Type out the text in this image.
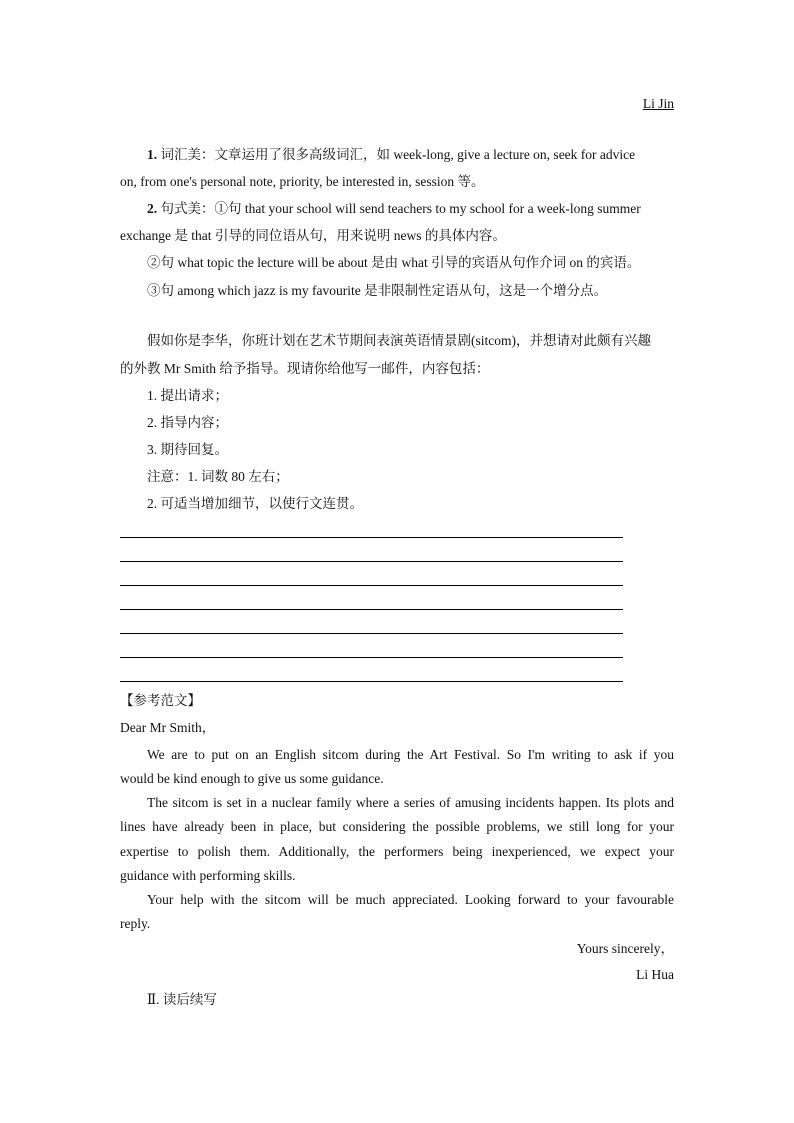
Li Jin
1. 词汇美：文章运用了很多高级词汇，如 week-long, give a lecture on, seek for advice
on, from one's personal note, priority, be interested in, session 等。
2. 句式美：①句 that your school will send teachers to my school for a week-long summer
exchange 是 that 引导的同位语从句，用来说明 news 的具体内容。
②句 what topic the lecture will be about 是由 what 引导的宾语从句作介词 on 的宾语。
③句 among which jazz is my favourite 是非限制性定语从句，这是一个增分点。
假如你是李华，你班计划在艺术节期间表演英语情景剧(sitcom)，并想请对此颇有兴趣
的外教 Mr Smith 给予指导。现请你给他写一邮件，内容包括：
1. 提出请求；
2. 指导内容；
3. 期待回复。
注意：1. 词数 80 左右；
2. 可适当增加细节，以使行文连贯。
【参考范文】
Dear Mr Smith，
We are to put on an English sitcom during the Art Festival. So I'm writing to ask if you
would be kind enough to give us some guidance.
The sitcom is set in a nuclear family where a series of amusing incidents happen. Its plots and
lines have already been in place, but considering the possible problems, we still long for your
expertise to polish them. Additionally, the performers being inexperienced, we expect your
guidance with performing skills.
Your help with the sitcom will be much appreciated. Looking forward to your favourable
reply.
Yours sincerely，
Li Hua
Ⅱ. 读后续写
